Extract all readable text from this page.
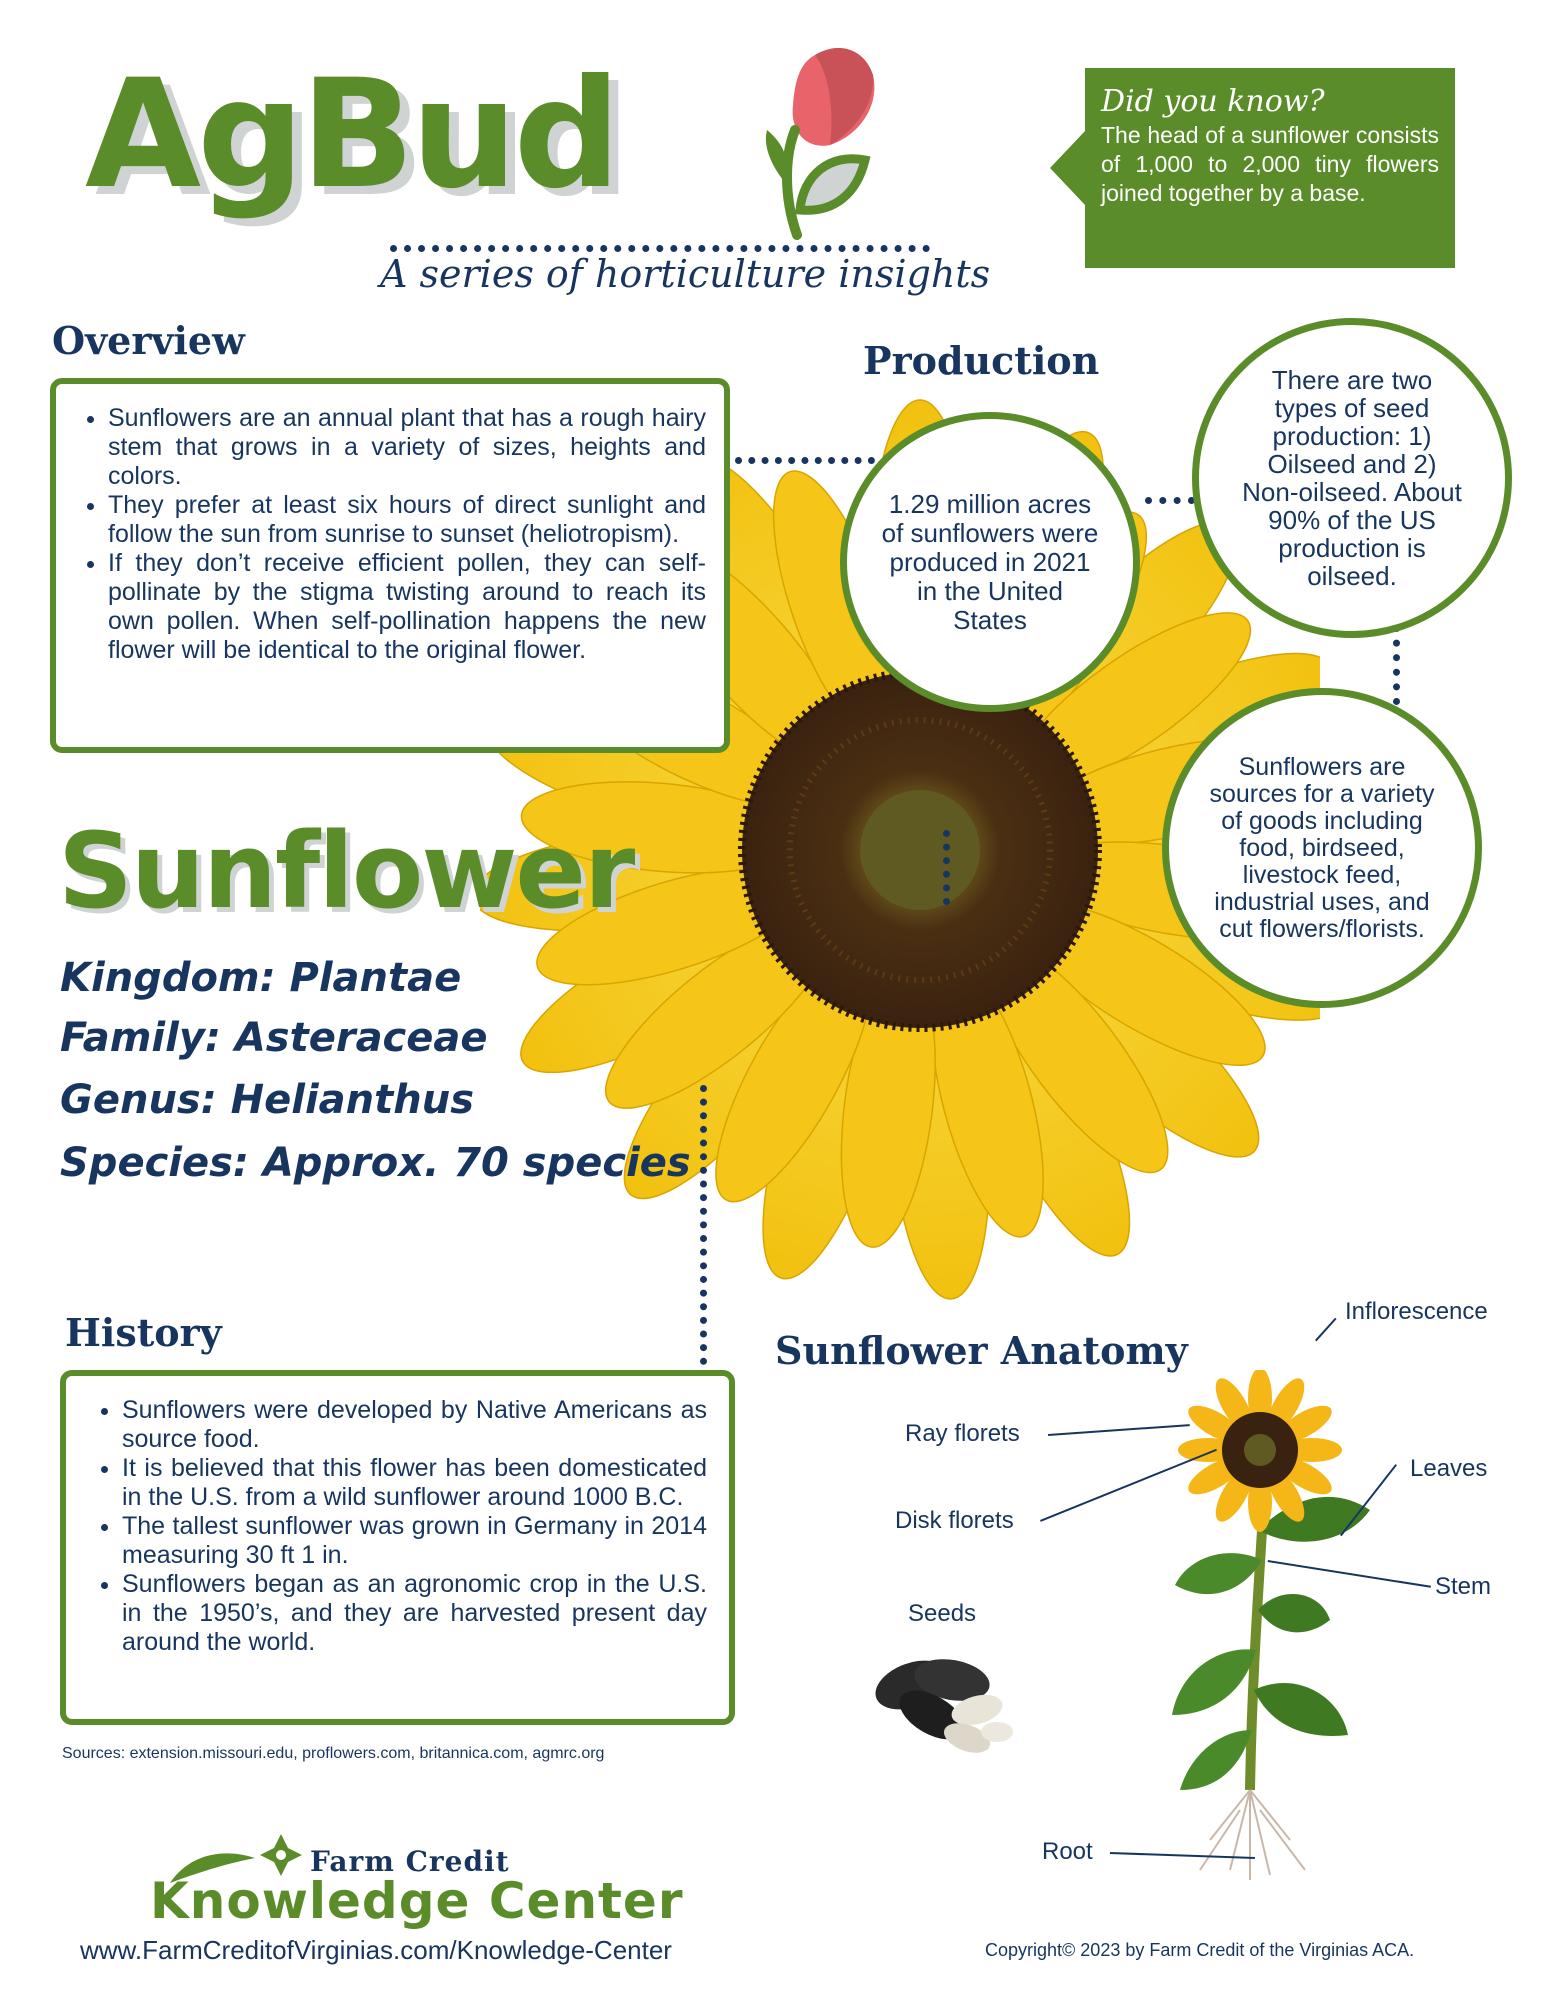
AgBud
A series of horticulture insights
Did you know?
The head of a sunflower consists of 1,000 to 2,000 tiny flowers joined together by a base.
Overview
• Sunflowers are an annual plant that has a rough hairy stem that grows in a variety of sizes, heights and colors.
• They prefer at least six hours of direct sunlight and follow the sun from sunrise to sunset (heliotropism).
• If they don’t receive efficient pollen, they can self-pollinate by the stigma twisting around to reach its own pollen. When self-pollination happens the new flower will be identical to the original flower.
Production
1.29 million acres of sunflowers were produced in 2021 in the United States
There are two types of seed production: 1) Oilseed and 2) Non-oilseed. About 90% of the US production is oilseed.
Sunflowers are sources for a variety of goods including food, birdseed, livestock feed, industrial uses, and cut flowers/florists.
Sunflower
Kingdom: Plantae
Family: Asteraceae
Genus: Helianthus
Species: Approx. 70 species
History
• Sunflowers were developed by Native Americans as source food.
• It is believed that this flower has been domesticated in the U.S. from a wild sunflower around 1000 B.C.
• The tallest sunflower was grown in Germany in 2014 measuring 30 ft 1 in.
• Sunflowers began as an agronomic crop in the U.S. in the 1950’s, and they are harvested present day around the world.
Sources: extension.missouri.edu, proflowers.com, britannica.com, agmrc.org
Sunflower Anatomy
Inflorescence
Ray florets
Leaves
Disk florets
Stem
Seeds
Root
Farm Credit
Knowledge Center
www.FarmCreditofVirginias.com/Knowledge-Center	Copyright© 2023 by Farm Credit of the Virginias ACA.
